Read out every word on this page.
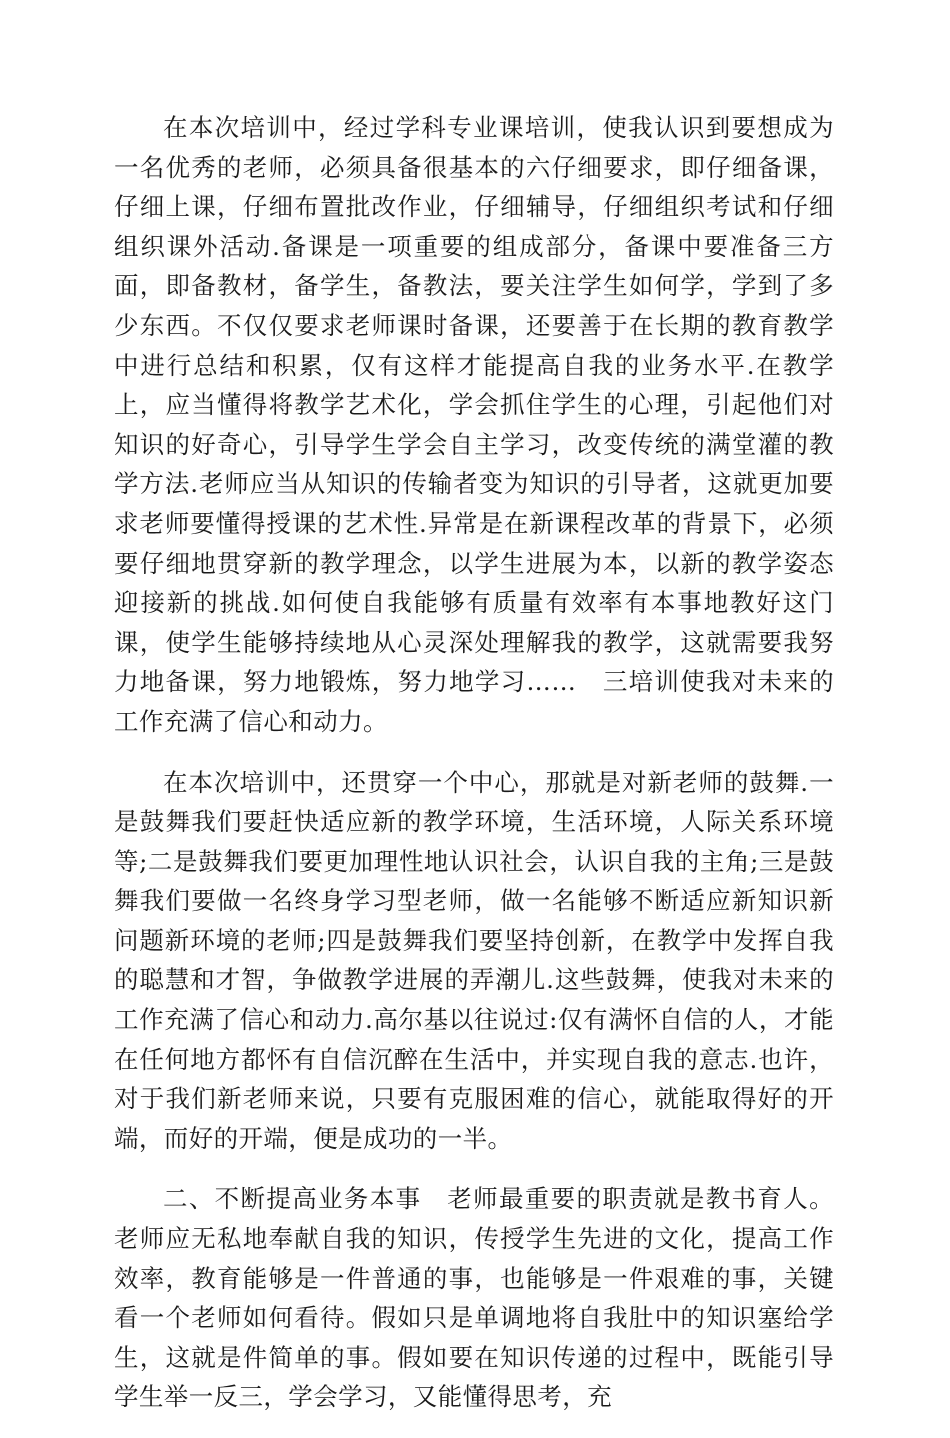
在本次培训中，经过学科专业课培训，使我认识到要想成为一名优秀的老师，必须具备很基本的六仔细要求，即仔细备课，仔细上课，仔细布置批改作业，仔细辅导，仔细组织考试和仔细组织课外活动.备课是一项重要的组成部分，备课中要准备三方面，即备教材，备学生，备教法，要关注学生如何学，学到了多少东西。不仅仅要求老师课时备课，还要善于在长期的教育教学中进行总结和积累，仅有这样才能提高自我的业务水平.在教学上，应当懂得将教学艺术化，学会抓住学生的心理，引起他们对知识的好奇心，引导学生学会自主学习，改变传统的满堂灌的教学方法.老师应当从知识的传输者变为知识的引导者，这就更加要求老师要懂得授课的艺术性.异常是在新课程改革的背景下，必须要仔细地贯穿新的教学理念，以学生进展为本，以新的教学姿态迎接新的挑战.如何使自我能够有质量有效率有本事地教好这门课，使学生能够持续地从心灵深处理解我的教学，这就需要我努力地备课，努力地锻炼，努力地学习……　三培训使我对未来的工作充满了信心和动力。

在本次培训中，还贯穿一个中心，那就是对新老师的鼓舞.一是鼓舞我们要赶快适应新的教学环境，生活环境，人际关系环境等;二是鼓舞我们要更加理性地认识社会，认识自我的主角;三是鼓舞我们要做一名终身学习型老师，做一名能够不断适应新知识新问题新环境的老师;四是鼓舞我们要坚持创新，在教学中发挥自我的聪慧和才智，争做教学进展的弄潮儿.这些鼓舞，使我对未来的工作充满了信心和动力.高尔基以往说过:仅有满怀自信的人，才能在任何地方都怀有自信沉醉在生活中，并实现自我的意志.也许，对于我们新老师来说，只要有克服困难的信心，就能取得好的开端，而好的开端，便是成功的一半。

二、不断提高业务本事　老师最重要的职责就是教书育人。老师应无私地奉献自我的知识，传授学生先进的文化，提高工作效率，教育能够是一件普通的事，也能够是一件艰难的事，关键看一个老师如何看待。假如只是单调地将自我肚中的知识塞给学生，这就是件简单的事。假如要在知识传递的过程中，既能引导学生举一反三，学会学习，又能懂得思考，充
